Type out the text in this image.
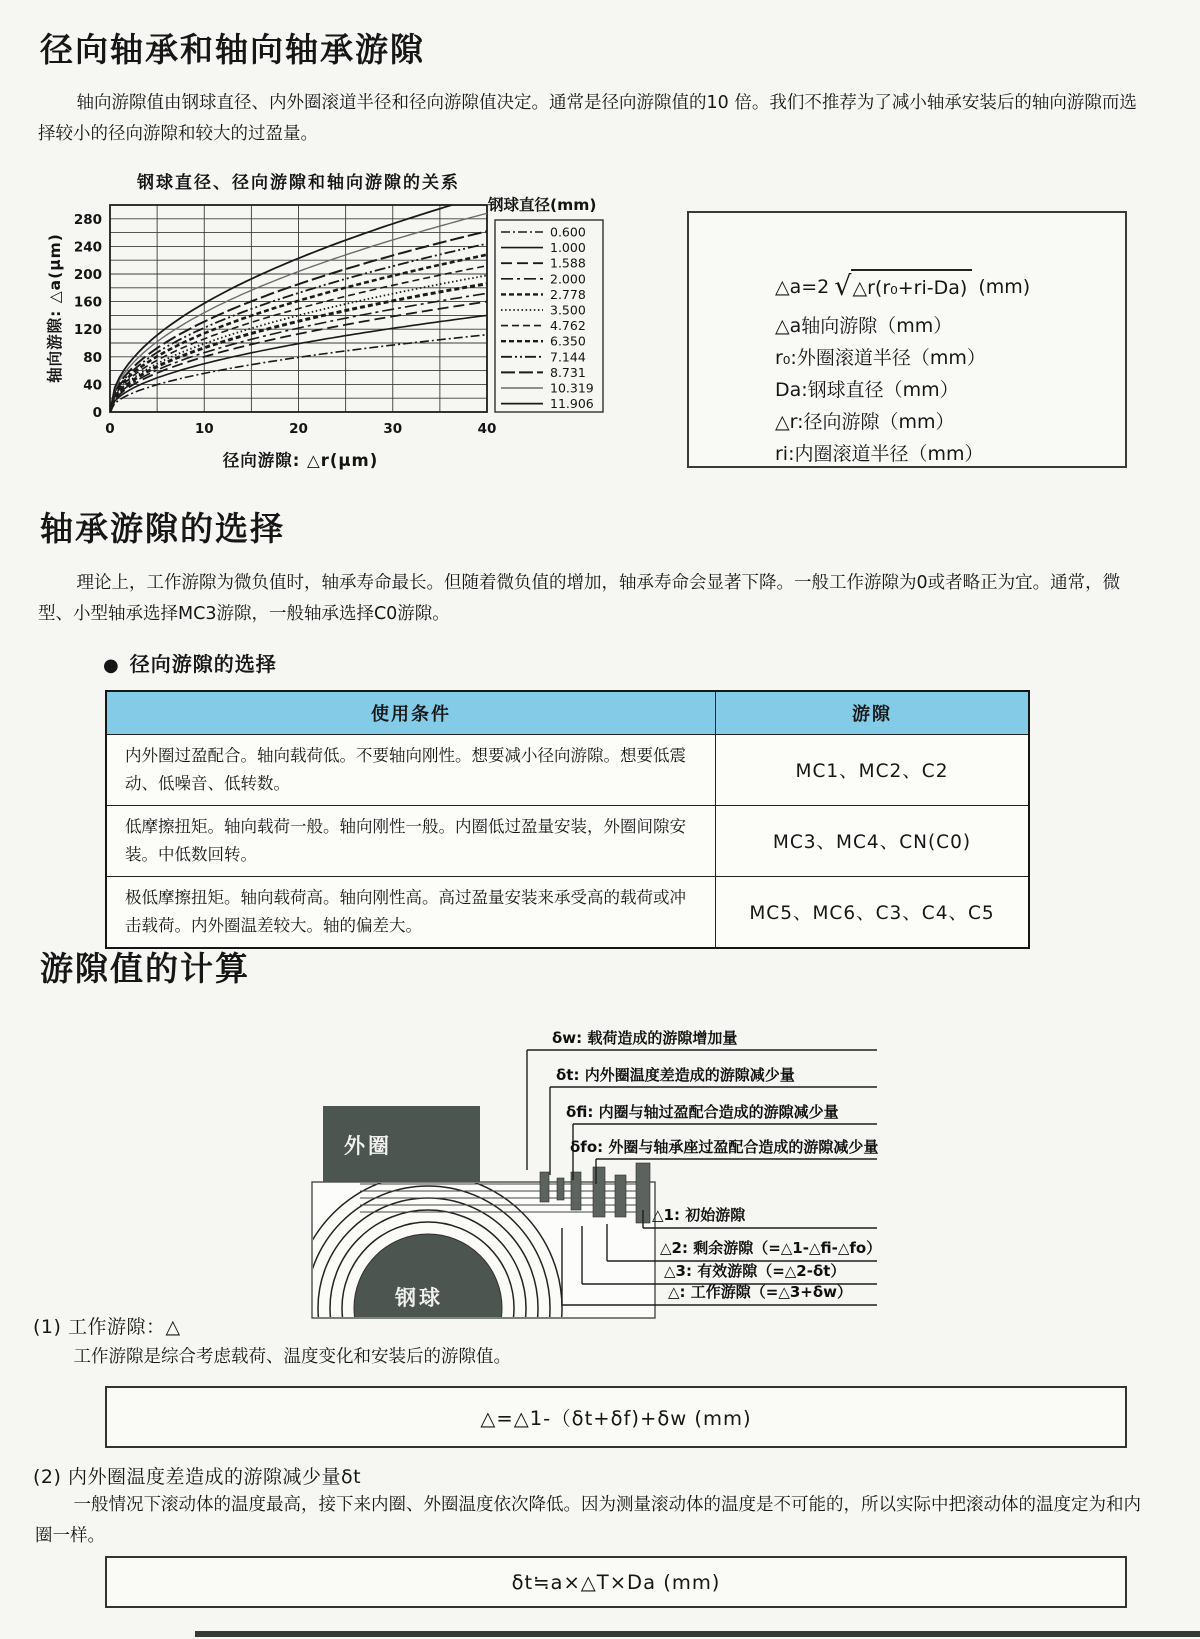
径向轴承和轴向轴承游隙
轴向游隙值由钢球直径、内外圈滚道半径和径向游隙值决定。通常是径向游隙值的10 倍。我们不推荐为了减小轴承安装后的轴向游隙而选择较小的径向游隙和较大的过盈量。
0
40
80
120
160
200
240
280
0	10	20	30	40
钢球直径、径向游隙和轴向游隙的关系
轴向游隙: △a(μm)
径向游隙: △r(μm)
钢球直径(mm)
0.600
1.000
1.588
2.000
2.778
3.500
4.762
6.350
7.144
8.731
10.319
11.906
△a=2 √ △r(r₀+ri-Da) (mm)
△a轴向游隙（mm）
r₀:外圈滚道半径（mm）
Da:钢球直径（mm）
△r:径向游隙（mm）
ri:内圈滚道半径（mm）
轴承游隙的选择
理论上，工作游隙为微负值时，轴承寿命最长。但随着微负值的增加，轴承寿命会显著下降。一般工作游隙为0或者略正为宜。通常，微型、小型轴承选择MC3游隙，一般轴承选择C0游隙。
● 径向游隙的选择
使用条件	游隙
内外圈过盈配合。轴向载荷低。不要轴向刚性。想要减小径向游隙。想要低震动、低噪音、低转数。	MC1、MC2、C2
低摩擦扭矩。轴向载荷一般。轴向刚性一般。内圈低过盈量安装，外圈间隙安装。中低数回转。	MC3、MC4、CN(C0)
极低摩擦扭矩。轴向载荷高。轴向刚性高。高过盈量安装来承受高的载荷或冲击载荷。内外圈温差较大。轴的偏差大。	MC5、MC6、C3、C4、C5
游隙值的计算
钢球
外圈
δw: 载荷造成的游隙增加量
δt: 内外圈温度差造成的游隙减少量
δfi: 内圈与轴过盈配合造成的游隙减少量
δfo: 外圈与轴承座过盈配合造成的游隙减少量
△1: 初始游隙
△2: 剩余游隙（=△1-△fi-△fo）
△3: 有效游隙（=△2-δt）
△: 工作游隙（=△3+δw）
(1) 工作游隙：△
工作游隙是综合考虑载荷、温度变化和安装后的游隙值。
△=△1-（δt+δf)+δw (mm)
(2) 内外圈温度差造成的游隙减少量δt
一般情况下滚动体的温度最高，接下来内圈、外圈温度依次降低。因为测量滚动体的温度是不可能的，所以实际中把滚动体的温度定为和内圈一样。
δt≒a×△T×Da (mm)
